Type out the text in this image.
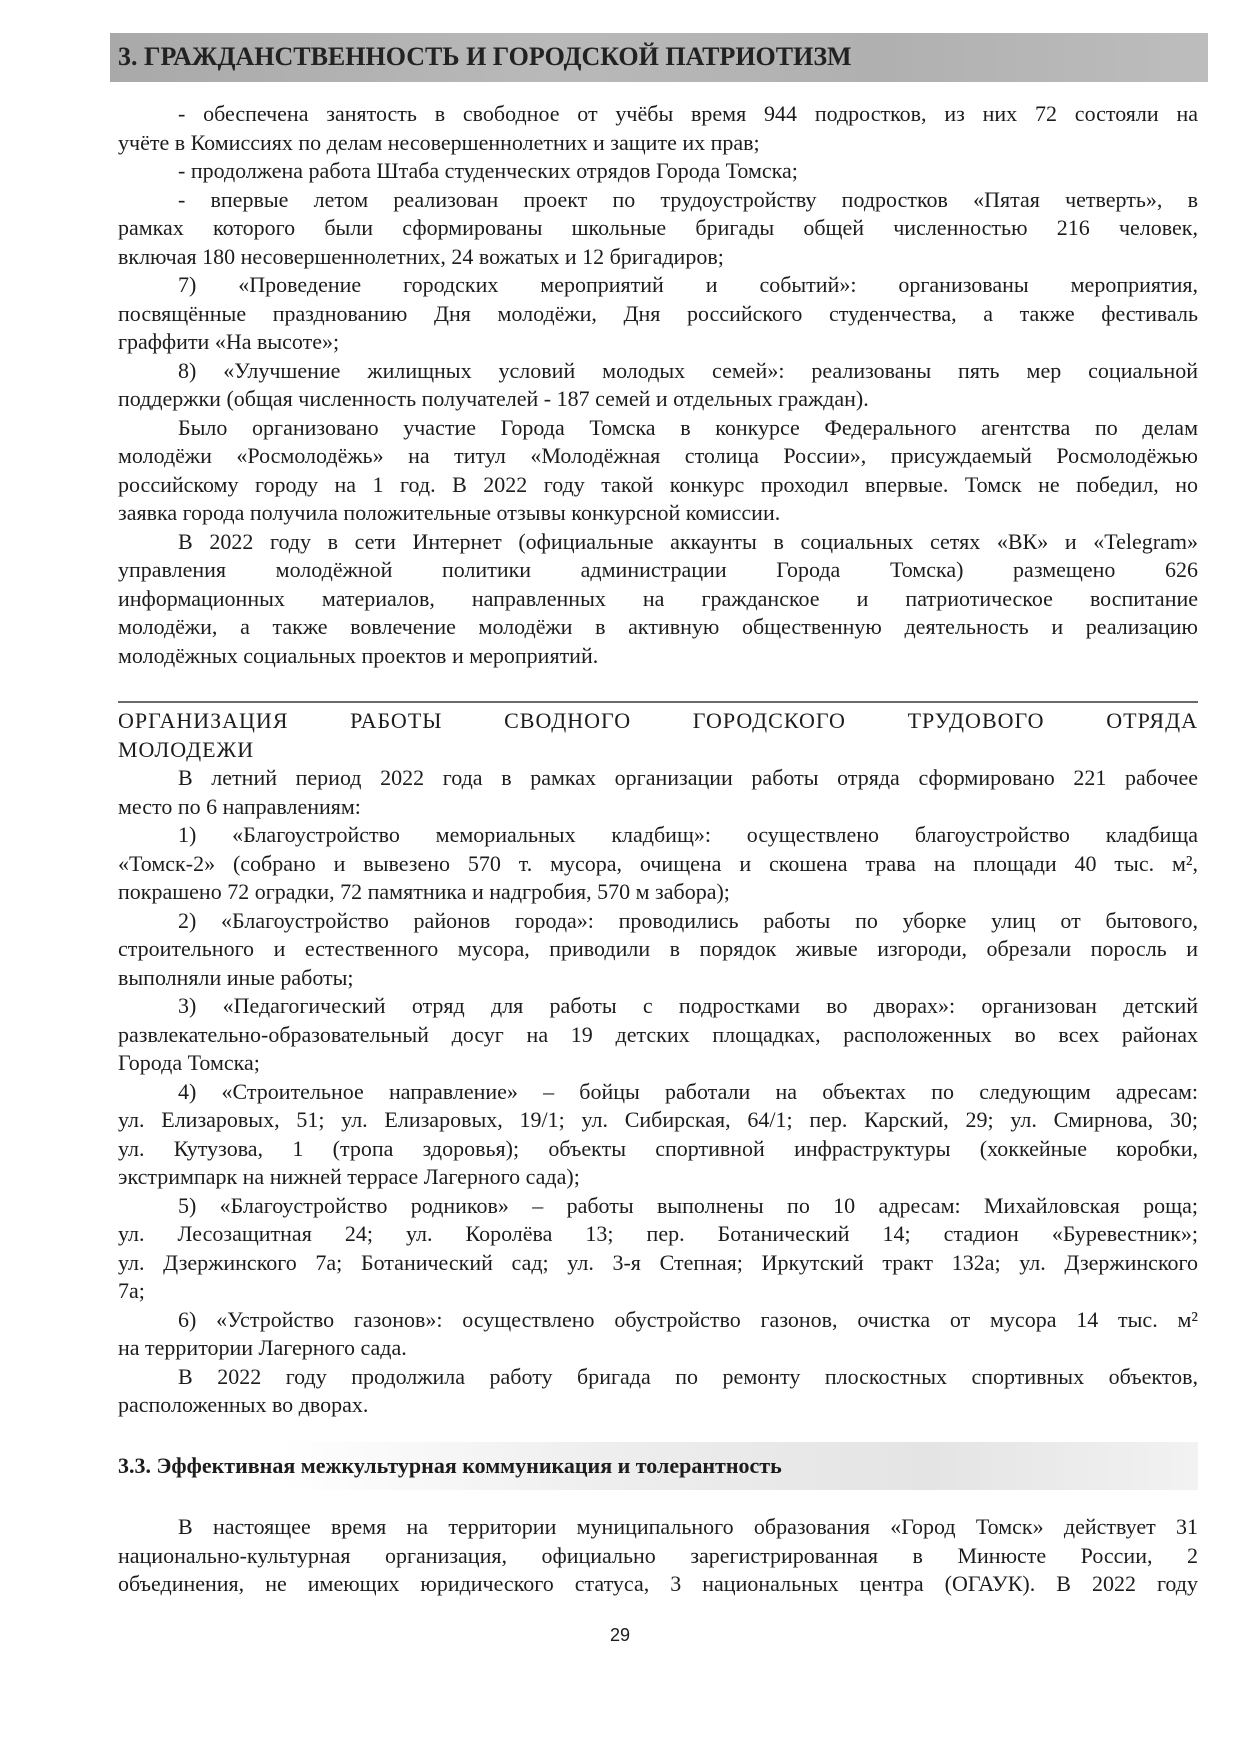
3. ГРАЖДАНСТВЕННОСТЬ И ГОРОДСКОЙ ПАТРИОТИЗМ
- обеспечена занятость в свободное от учёбы время 944 подростков, из них 72 состояли на
учёте в Комиссиях по делам несовершеннолетних и защите их прав;
- продолжена работа Штаба студенческих отрядов Города Томска;
- впервые летом реализован проект по трудоустройству подростков «Пятая четверть», в
рамках которого были сформированы школьные бригады общей численностью 216 человек,
включая 180 несовершеннолетних, 24 вожатых и 12 бригадиров;
7) «Проведение городских мероприятий и событий»: организованы мероприятия,
посвящённые празднованию Дня молодёжи, Дня российского студенчества, а также фестиваль
граффити «На высоте»;
8) «Улучшение жилищных условий молодых семей»: реализованы пять мер социальной
поддержки (общая численность получателей - 187 семей и отдельных граждан).
Было организовано участие Города Томска в конкурсе Федерального агентства по делам
молодёжи «Росмолодёжь» на титул «Молодёжная столица России», присуждаемый Росмолодёжью
российскому городу на 1 год. В 2022 году такой конкурс проходил впервые. Томск не победил, но
заявка города получила положительные отзывы конкурсной комиссии.
В 2022 году в сети Интернет (официальные аккаунты в социальных сетях «ВК» и «Telegram»
управления молодёжной политики администрации Города Томска) размещено 626
информационных материалов, направленных на гражданское и патриотическое воспитание
молодёжи, а также вовлечение молодёжи в активную общественную деятельность и реализацию
молодёжных социальных проектов и мероприятий.
ОРГАНИЗАЦИЯ РАБОТЫ СВОДНОГО ГОРОДСКОГО ТРУДОВОГО ОТРЯДА
МОЛОДЕЖИ
В летний период 2022 года в рамках организации работы отряда сформировано 221 рабочее
место по 6 направлениям:
1) «Благоустройство мемориальных кладбищ»: осуществлено благоустройство кладбища
«Томск-2» (собрано и вывезено 570 т. мусора, очищена и скошена трава на площади 40 тыс. м²,
покрашено 72 оградки, 72 памятника и надгробия, 570 м забора);
2) «Благоустройство районов города»: проводились работы по уборке улиц от бытового,
строительного и естественного мусора, приводили в порядок живые изгороди, обрезали поросль и
выполняли иные работы;
3) «Педагогический отряд для работы с подростками во дворах»: организован детский
развлекательно-образовательный досуг на 19 детских площадках, расположенных во всех районах
Города Томска;
4) «Строительное направление» – бойцы работали на объектах по следующим адресам:
ул. Елизаровых, 51; ул. Елизаровых, 19/1; ул. Сибирская, 64/1; пер. Карский, 29; ул. Смирнова, 30;
ул. Кутузова, 1 (тропа здоровья); объекты спортивной инфраструктуры (хоккейные коробки,
экстримпарк на нижней террасе Лагерного сада);
5) «Благоустройство родников» – работы выполнены по 10 адресам: Михайловская роща;
ул. Лесозащитная 24; ул. Королёва 13; пер. Ботанический 14; стадион «Буревестник»;
ул. Дзержинского 7а; Ботанический сад; ул. 3-я Степная; Иркутский тракт 132а; ул. Дзержинского
7а;
6) «Устройство газонов»: осуществлено обустройство газонов, очистка от мусора 14 тыс. м²
на территории Лагерного сада.
В 2022 году продолжила работу бригада по ремонту плоскостных спортивных объектов,
расположенных во дворах.
3.3. Эффективная межкультурная коммуникация и толерантность
В настоящее время на территории муниципального образования «Город Томск» действует 31
национально-культурная организация, официально зарегистрированная в Минюсте России, 2
объединения, не имеющих юридического статуса, 3 национальных центра (ОГАУК). В 2022 году
29
